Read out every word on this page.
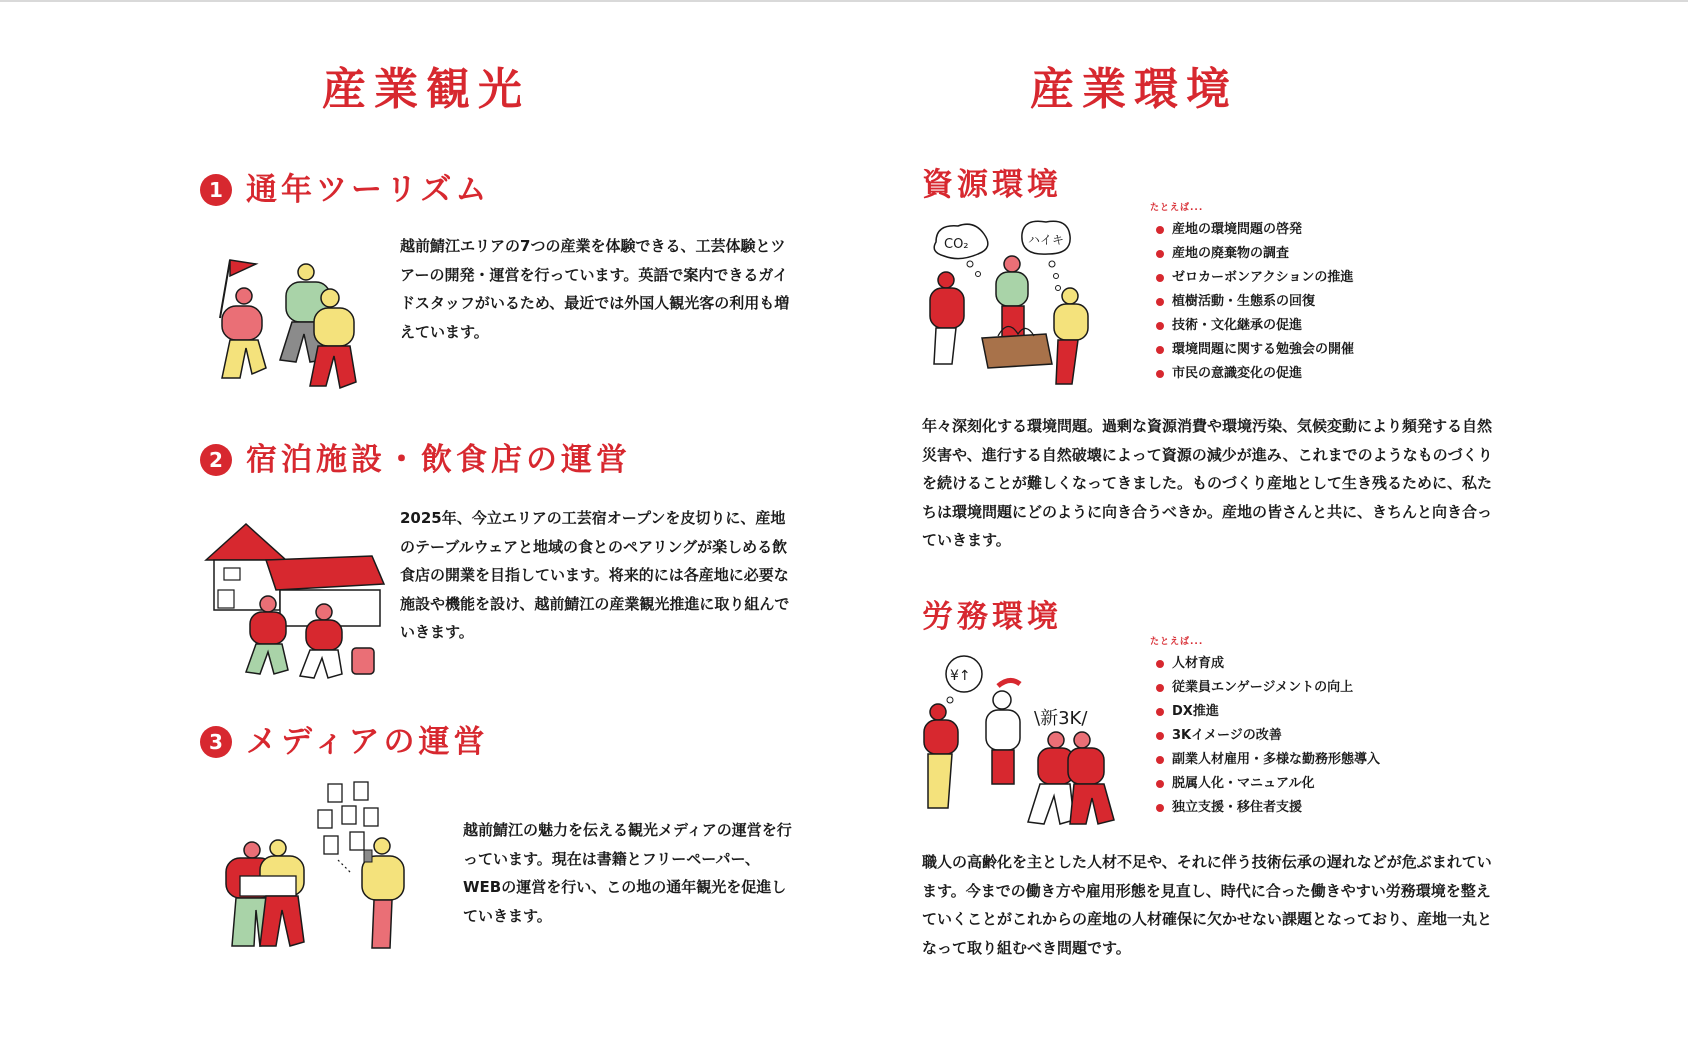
産業観光
1 通年ツーリズム

越前鯖江エリアの7つの産業を体験できる、工芸体験とツアーの開発・運営を行っています。英語で案内できるガイドスタッフがいるため、最近では外国人観光客の利用も増えています。

2 宿泊施設・飲食店の運営

2025年、今立エリアの工芸宿オープンを皮切りに、産地のテーブルウェアと地域の食とのペアリングが楽しめる飲食店の開業を目指しています。将来的には各産地に必要な施設や機能を設け、越前鯖江の産業観光推進に取り組んでいきます。

3 メディアの運営

越前鯖江の魅力を伝える観光メディアの運営を行っています。現在は書籍とフリーペーパー、WEBの運営を行い、この地の通年観光を促進していきます。

産業環境
資源環境
CO₂	ハイキ
たとえば...
産地の環境問題の啓発
産地の廃棄物の調査
ゼロカーボンアクションの推進
植樹活動・生態系の回復
技術・文化継承の促進
環境問題に関する勉強会の開催
市民の意識変化の促進

年々深刻化する環境問題。過剰な資源消費や環境汚染、気候変動により頻発する自然災害や、進行する自然破壊によって資源の減少が進み、これまでのようなものづくりを続けることが難しくなってきました。ものづくり産地として生き残るために、私たちは環境問題にどのように向き合うべきか。産地の皆さんと共に、きちんと向き合っていきます。

労務環境
¥↑
\新3K/
たとえば...
人材育成
従業員エンゲージメントの向上
DX推進
3Kイメージの改善
副業人材雇用・多様な勤務形態導入
脱属人化・マニュアル化
独立支援・移住者支援

職人の高齢化を主とした人材不足や、それに伴う技術伝承の遅れなどが危ぶまれています。今までの働き方や雇用形態を見直し、時代に合った働きやすい労務環境を整えていくことがこれからの産地の人材確保に欠かせない課題となっており、産地一丸となって取り組むべき問題です。
